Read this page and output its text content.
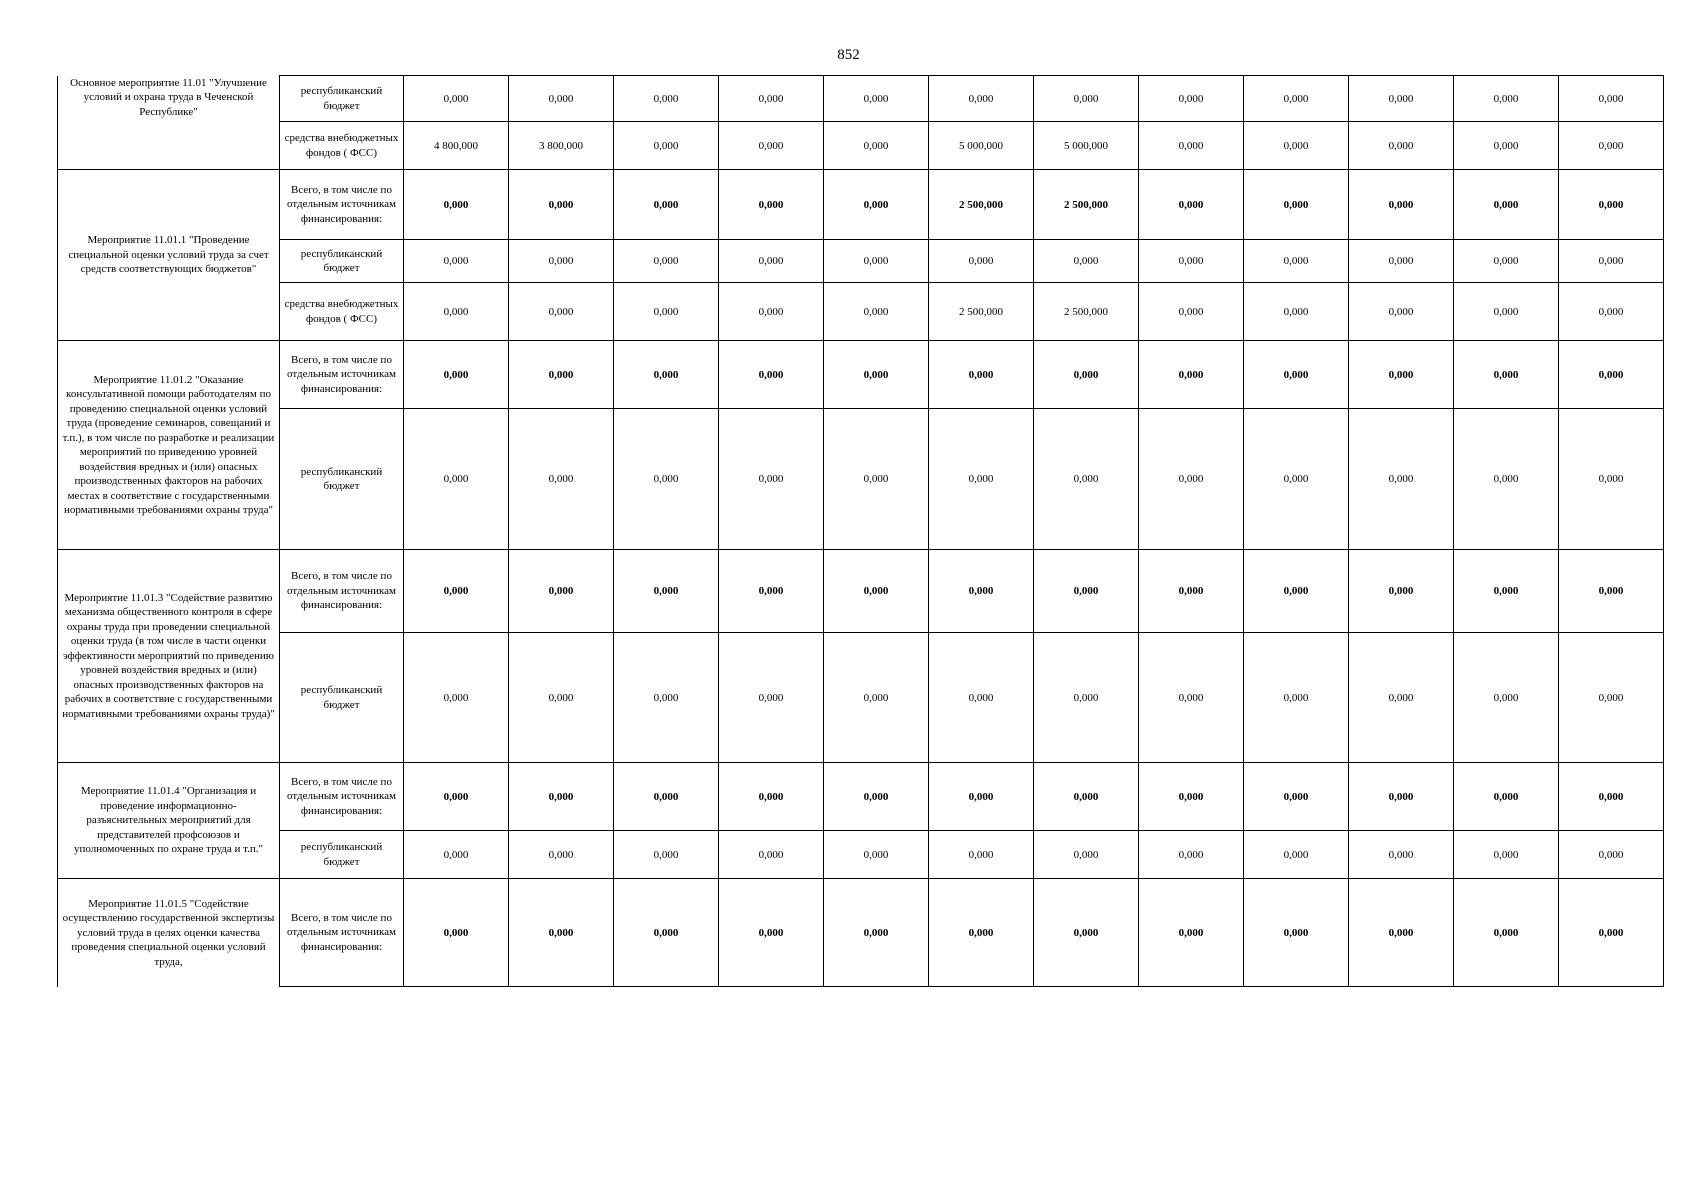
852
Основное мероприятие 11.01 "Улучшение условий и охрана труда в Чеченской Республике"	республиканский бюджет	0,000	0,000	0,000	0,000	0,000	0,000	0,000	0,000	0,000	0,000	0,000	0,000
	средства внебюджетных фондов ( ФСС)	4 800,000	3 800,000	0,000	0,000	0,000	5 000,000	5 000,000	0,000	0,000	0,000	0,000	0,000
Мероприятие 11.01.1 "Проведение специальной оценки условий труда за счет средств соответствующих бюджетов"	Всего, в том числе по отдельным источникам финансирования:	0,000	0,000	0,000	0,000	0,000	2 500,000	2 500,000	0,000	0,000	0,000	0,000	0,000
	республиканский бюджет	0,000	0,000	0,000	0,000	0,000	0,000	0,000	0,000	0,000	0,000	0,000	0,000
	средства внебюджетных фондов ( ФСС)	0,000	0,000	0,000	0,000	0,000	2 500,000	2 500,000	0,000	0,000	0,000	0,000	0,000
Мероприятие 11.01.2 "Оказание консультативной помощи работодателям по проведению специальной оценки условий труда (проведение семинаров, совещаний и т.п.), в том числе по разработке и реализации мероприятий по приведению уровней воздействия вредных и (или) опасных производственных факторов на рабочих местах в соответствие с государственными нормативными требованиями охраны труда"	Всего, в том числе по отдельным источникам финансирования:	0,000	0,000	0,000	0,000	0,000	0,000	0,000	0,000	0,000	0,000	0,000	0,000
	республиканский бюджет	0,000	0,000	0,000	0,000	0,000	0,000	0,000	0,000	0,000	0,000	0,000	0,000
Мероприятие 11.01.3 "Содействие развитию механизма общественного контроля в сфере охраны труда при проведении специальной оценки труда (в том числе в части оценки эффективности мероприятий по приведению уровней воздействия вредных и (или) опасных производственных факторов на рабочих в соответствие с государственными нормативными требованиями охраны труда)"	Всего, в том числе по отдельным источникам финансирования:	0,000	0,000	0,000	0,000	0,000	0,000	0,000	0,000	0,000	0,000	0,000	0,000
	республиканский бюджет	0,000	0,000	0,000	0,000	0,000	0,000	0,000	0,000	0,000	0,000	0,000	0,000
Мероприятие 11.01.4 "Организация и проведение информационно-разъяснительных мероприятий для представителей профсоюзов и уполномоченных по охране труда и т.п."	Всего, в том числе по отдельным источникам финансирования:	0,000	0,000	0,000	0,000	0,000	0,000	0,000	0,000	0,000	0,000	0,000	0,000
	республиканский бюджет	0,000	0,000	0,000	0,000	0,000	0,000	0,000	0,000	0,000	0,000	0,000	0,000
Мероприятие 11.01.5 "Содействие осуществлению государственной экспертизы условий труда в целях оценки качества проведения специальной оценки условий труда,	Всего, в том числе по отдельным источникам финансирования:	0,000	0,000	0,000	0,000	0,000	0,000	0,000	0,000	0,000	0,000	0,000	0,000
